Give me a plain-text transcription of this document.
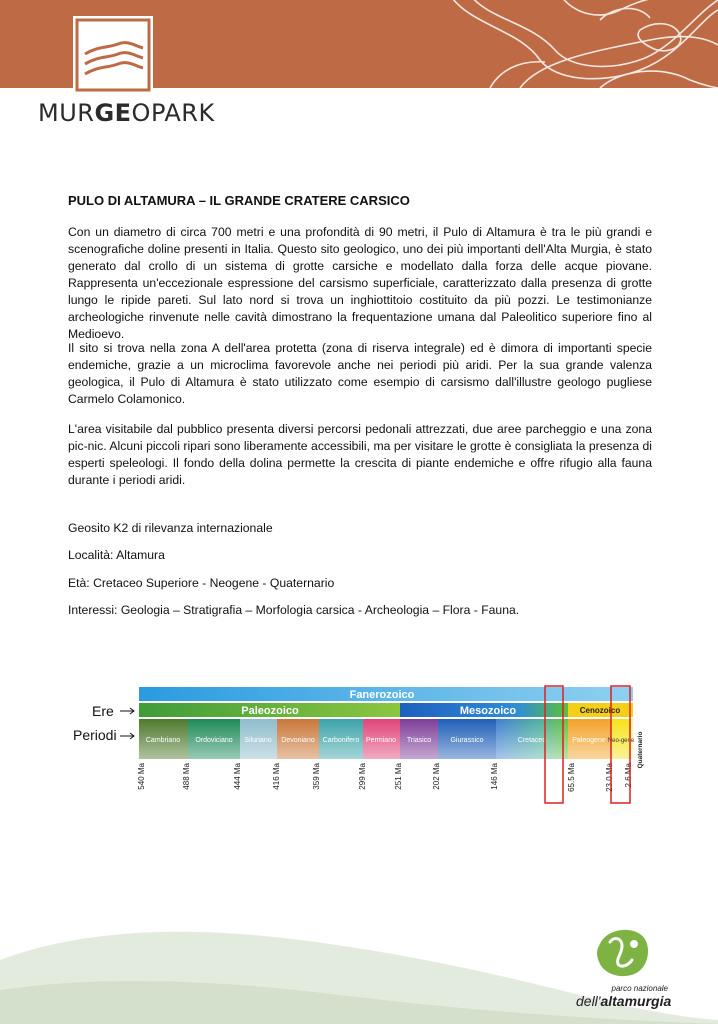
MURGEOPARK
PULO DI ALTAMURA – IL GRANDE CRATERE CARSICO

Con un diametro di circa 700 metri e una profondità di 90 metri, il Pulo di Altamura è tra le più grandi e scenografiche doline presenti in Italia. Questo sito geologico, uno dei più importanti dell'Alta Murgia, è stato generato dal crollo di un sistema di grotte carsiche e modellato dalla forza delle acque piovane. Rappresenta un'eccezionale espressione del carsismo superficiale, caratterizzato dalla presenza di grotte lungo le ripide pareti. Sul lato nord si trova un inghiottitoio costituito da più pozzi. Le testimonianze archeologiche rinvenute nelle cavità dimostrano la frequentazione umana dal Paleolitico superiore fino al Medioevo.

Il sito si trova nella zona A dell'area protetta (zona di riserva integrale) ed è dimora di importanti specie endemiche, grazie a un microclima favorevole anche nei periodi più aridi. Per la sua grande valenza geologica, il Pulo di Altamura è stato utilizzato come esempio di carsismo dall'illustre geologo pugliese Carmelo Colamonico.

L'area visitabile dal pubblico presenta diversi percorsi pedonali attrezzati, due aree parcheggio e una zona pic-nic. Alcuni piccoli ripari sono liberamente accessibili, ma per visitare le grotte è consigliata la presenza di esperti speleologi. Il fondo della dolina permette la crescita di piante endemiche e offre rifugio alla fauna durante i periodi aridi.

Geosito K2 di rilevanza internazionale
Località: Altamura
Età: Cretaceo Superiore - Neogene - Quaternario
Interessi: Geologia – Stratigrafia – Morfologia carsica - Archeologia – Flora - Fauna.
Fanerozoico
Paleozoico	Mesozoico	Cenozoico
Cambriano Ordoviciano Siluriano Devoniano Carbonifero Permiano Triasico	Giurassico	Cretaceo	Paleogene Neo-gene Quaternario
Ere
Periodi
540 Ma	488 Ma	444 Ma	416 Ma	359 Ma	299 Ma	251 Ma	202 Ma	146 Ma	65.5 Ma	23.0 Ma 2.6 Ma
parco nazionale
dell'altamurgia
